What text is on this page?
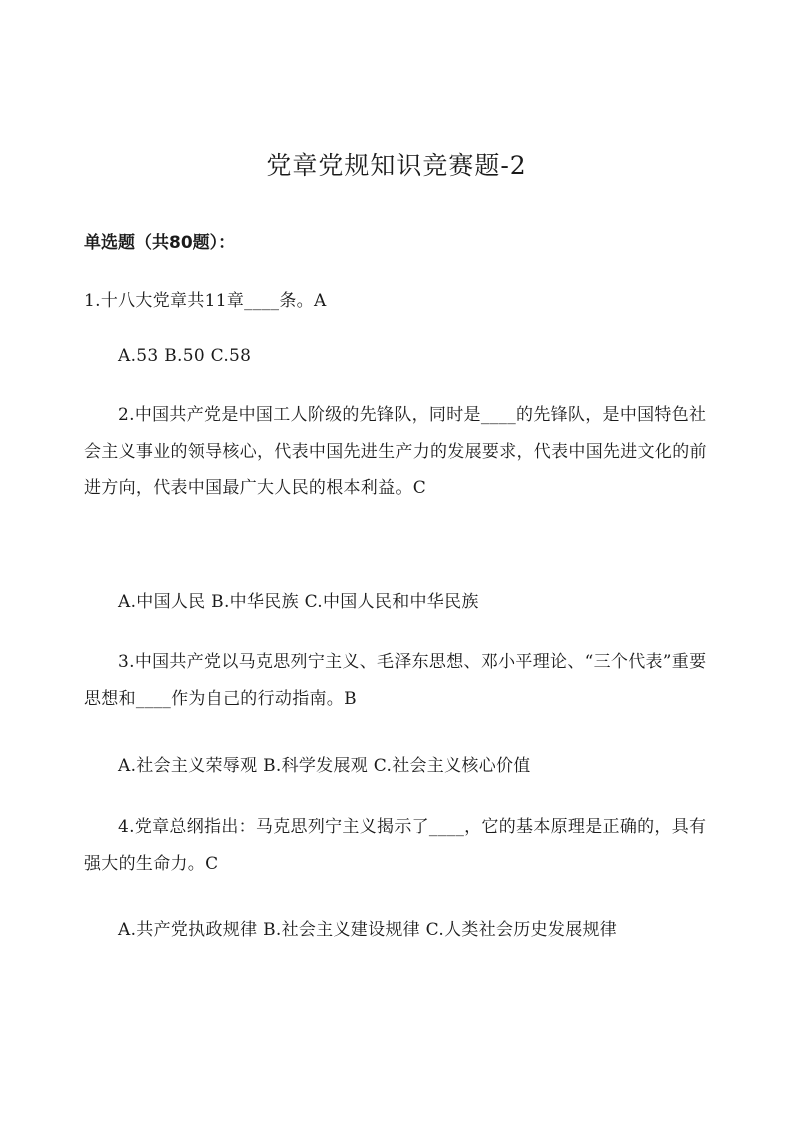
党章党规知识竞赛题-2
单选题（共80题）：

1.十八大党章共11章____条。A

A.53 B.50 C.58

2.中国共产党是中国工人阶级的先锋队，同时是____的先锋队，是中国特色社会主义事业的领导核心，代表中国先进生产力的发展要求，代表中国先进文化的前进方向，代表中国最广大人民的根本利益。C

A.中国人民 B.中华民族 C.中国人民和中华民族

3.中国共产党以马克思列宁主义、毛泽东思想、邓小平理论、“三个代表”重要思想和____作为自己的行动指南。B

A.社会主义荣辱观 B.科学发展观 C.社会主义核心价值

4.党章总纲指出：马克思列宁主义揭示了____，它的基本原理是正确的，具有强大的生命力。C

A.共产党执政规律 B.社会主义建设规律 C.人类社会历史发展规律
